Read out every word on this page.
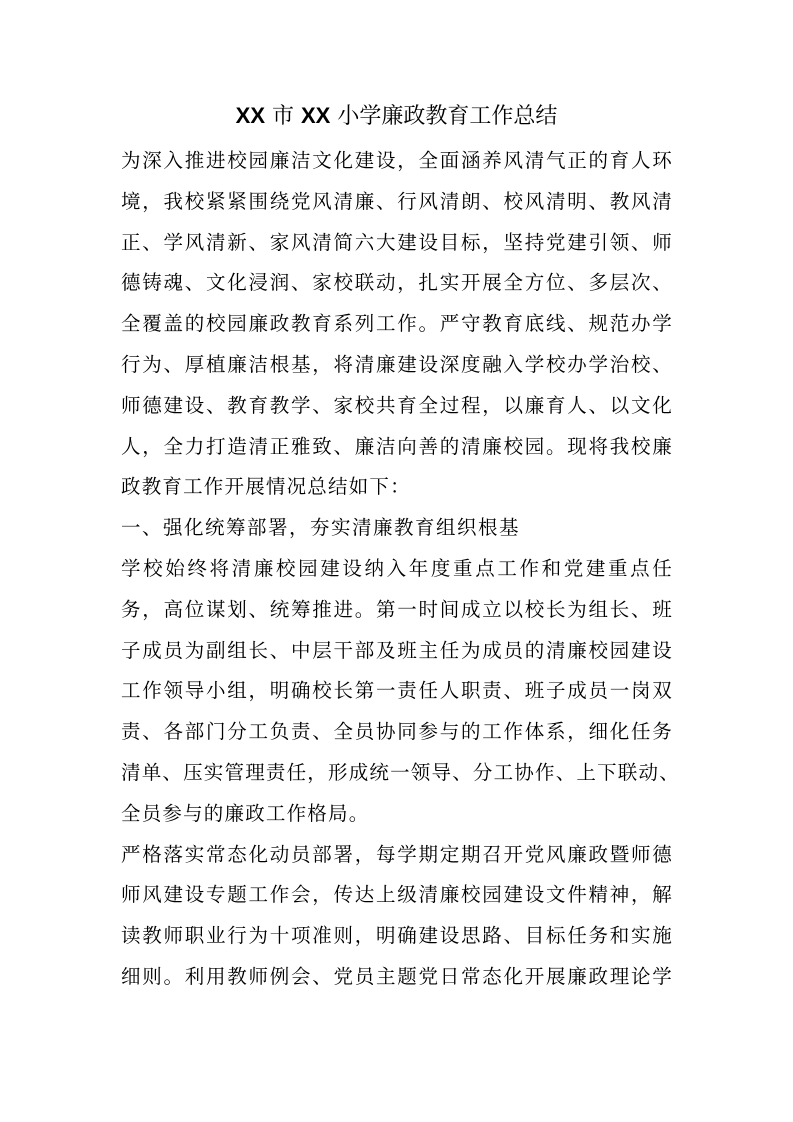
XX 市 XX 小学廉政教育工作总结
为深入推进校园廉洁文化建设，全面涵养风清气正的育人环
境，我校紧紧围绕党风清廉、行风清朗、校风清明、教风清
正、学风清新、家风清简六大建设目标，坚持党建引领、师
德铸魂、文化浸润、家校联动，扎实开展全方位、多层次、
全覆盖的校园廉政教育系列工作。严守教育底线、规范办学
行为、厚植廉洁根基，将清廉建设深度融入学校办学治校、
师德建设、教育教学、家校共育全过程，以廉育人、以文化
人，全力打造清正雅致、廉洁向善的清廉校园。现将我校廉
政教育工作开展情况总结如下：
一、强化统筹部署，夯实清廉教育组织根基
学校始终将清廉校园建设纳入年度重点工作和党建重点任
务，高位谋划、统筹推进。第一时间成立以校长为组长、班
子成员为副组长、中层干部及班主任为成员的清廉校园建设
工作领导小组，明确校长第一责任人职责、班子成员一岗双
责、各部门分工负责、全员协同参与的工作体系，细化任务
清单、压实管理责任，形成统一领导、分工协作、上下联动、
全员参与的廉政工作格局。
严格落实常态化动员部署，每学期定期召开党风廉政暨师德
师风建设专题工作会，传达上级清廉校园建设文件精神，解
读教师职业行为十项准则，明确建设思路、目标任务和实施
细则。利用教师例会、党员主题党日常态化开展廉政理论学
